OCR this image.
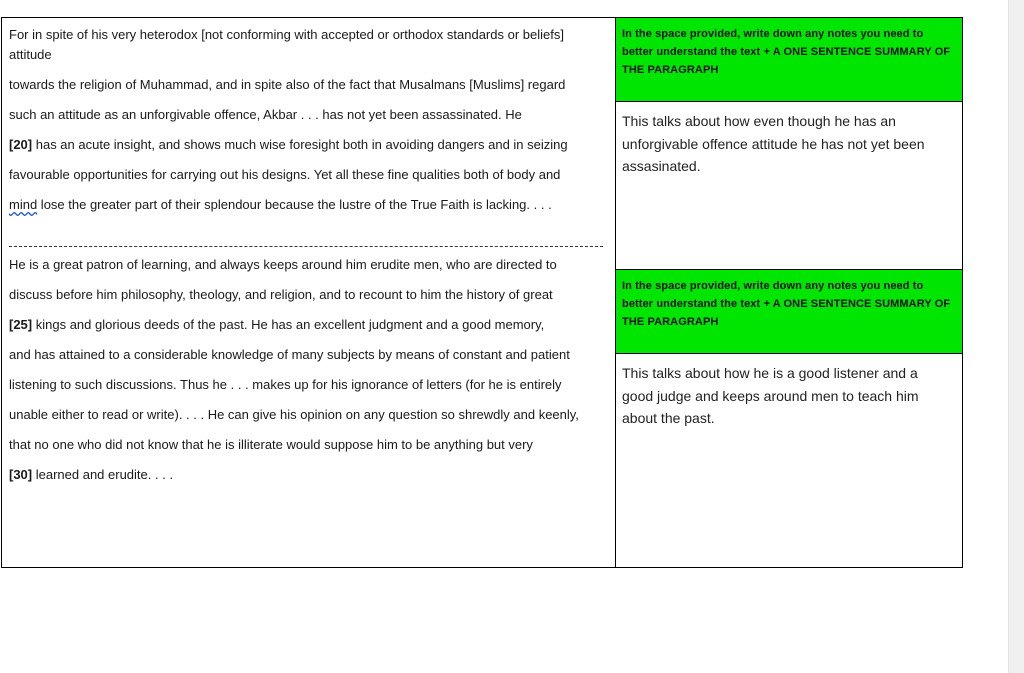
For in spite of his very heterodox [not conforming with accepted or orthodox standards or beliefs] attitude
towards the religion of Muhammad, and in spite also of the fact that Musalmans [Muslims] regard
such an attitude as an unforgivable offence, Akbar . . . has not yet been assassinated. He
[20] has an acute insight, and shows much wise foresight both in avoiding dangers and in seizing
favourable opportunities for carrying out his designs. Yet all these fine qualities both of body and
mind lose the greater part of their splendour because the lustre of the True Faith is lacking. . . .
He is a great patron of learning, and always keeps around him erudite men, who are directed to
discuss before him philosophy, theology, and religion, and to recount to him the history of great
[25] kings and glorious deeds of the past. He has an excellent judgment and a good memory,
and has attained to a considerable knowledge of many subjects by means of constant and patient
listening to such discussions. Thus he . . . makes up for his ignorance of letters (for he is entirely
unable either to read or write). . . . He can give his opinion on any question so shrewdly and keenly,
that no one who did not know that he is illiterate would suppose him to be anything but very
[30] learned and erudite. . . .

In the space provided, write down any notes you need to better understand the text + A ONE SENTENCE SUMMARY OF THE PARAGRAPH

This talks about how even though he has an unforgivable offence attitude he has not yet been assasinated.

In the space provided, write down any notes you need to better understand the text + A ONE SENTENCE SUMMARY OF THE PARAGRAPH

This talks about how he is a good listener and a good judge and keeps around men to teach him about the past.
